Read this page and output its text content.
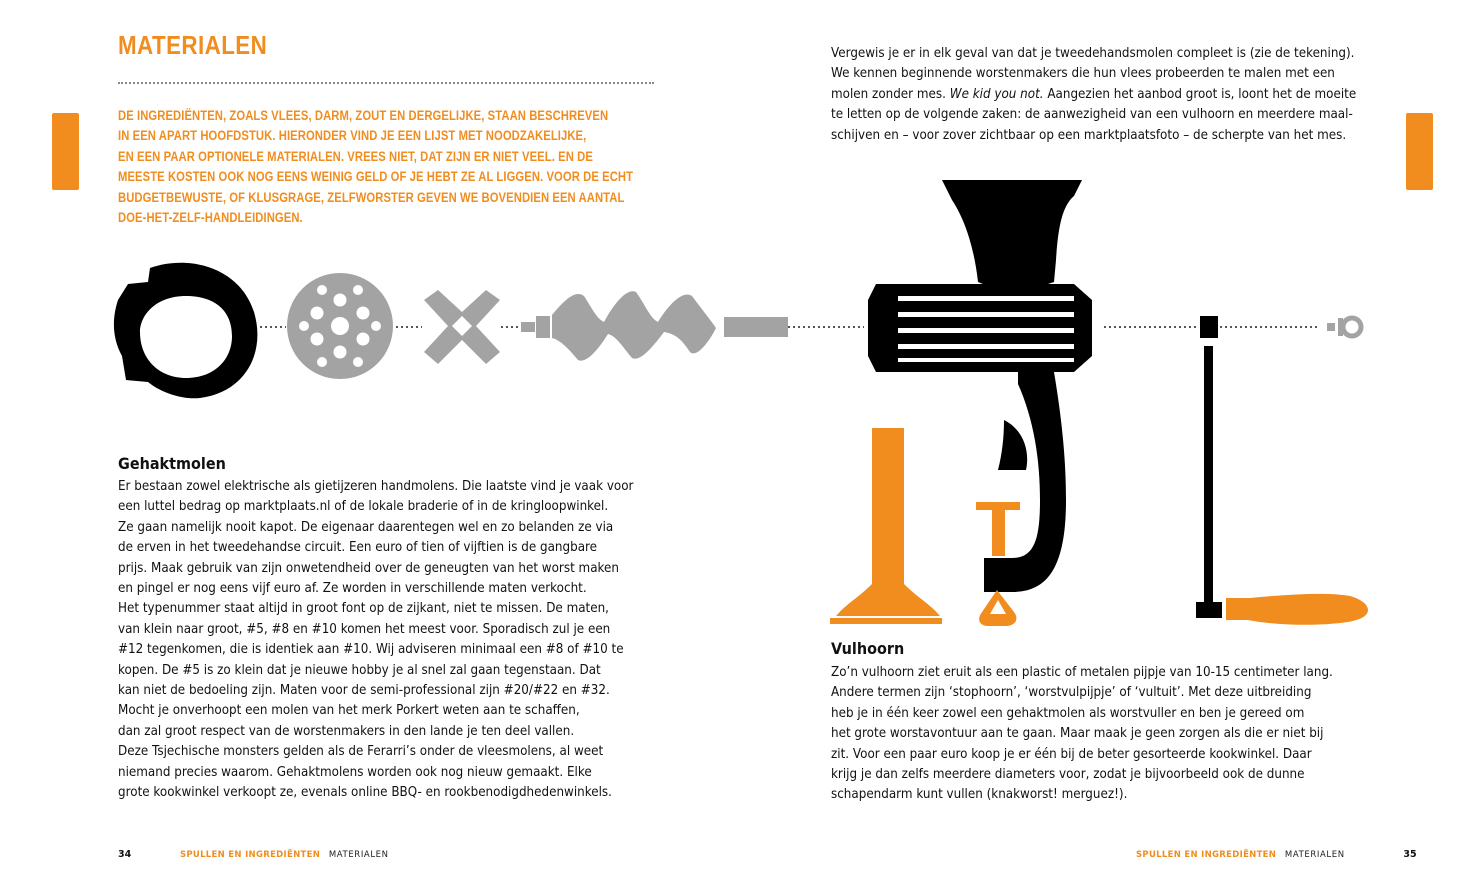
MATERIALEN

DE INGREDIËNTEN, ZOALS VLEES, DARM, ZOUT EN DERGELIJKE, STAAN BESCHREVEN
IN EEN APART HOOFDSTUK. HIERONDER VIND JE EEN LIJST MET NOODZAKELIJKE,
EN EEN PAAR OPTIONELE MATERIALEN. VREES NIET, DAT ZIJN ER NIET VEEL. EN DE
MEESTE KOSTEN OOK NOG EENS WEINIG GELD OF JE HEBT ZE AL LIGGEN. VOOR DE ECHT
BUDGETBEWUSTE, OF KLUSGRAGE, ZELFWORSTER GEVEN WE BOVENDIEN EEN AANTAL
DOE-HET-ZELF-HANDLEIDINGEN.

Gehaktmolen

Er bestaan zowel elektrische als gietijzeren handmolens. Die laatste vind je vaak voor
een luttel bedrag op marktplaats.nl of de lokale braderie of in de kringloopwinkel.
Ze gaan namelijk nooit kapot. De eigenaar daarentegen wel en zo belanden ze via
de erven in het tweedehandse circuit. Een euro of tien of vijftien is de gangbare
prijs. Maak gebruik van zijn onwetendheid over de geneugten van het worst maken
en pingel er nog eens vijf euro af. Ze worden in verschillende maten verkocht.
Het typenummer staat altijd in groot font op de zijkant, niet te missen. De maten,
van klein naar groot, #5, #8 en #10 komen het meest voor. Sporadisch zul je een
#12 tegenkomen, die is identiek aan #10. Wij adviseren minimaal een #8 of #10 te
kopen. De #5 is zo klein dat je nieuwe hobby je al snel zal gaan tegenstaan. Dat
kan niet de bedoeling zijn. Maten voor de semi-professional zijn #20/#22 en #32.
Mocht je onverhoopt een molen van het merk Porkert weten aan te schaffen,
dan zal groot respect van de worstenmakers in den lande je ten deel vallen.
Deze Tsjechische monsters gelden als de Ferarri’s onder de vleesmolens, al weet
niemand precies waarom. Gehaktmolens worden ook nog nieuw gemaakt. Elke
grote kookwinkel verkoopt ze, evenals online BBQ- en rookbenodigdhedenwinkels.

34	SPULLEN EN INGREDIËNTEN MATERIALEN

Vergewis je er in elk geval van dat je tweedehandsmolen compleet is (zie de tekening).
We kennen beginnende worstenmakers die hun vlees probeerden te malen met een
molen zonder mes. We kid you not. Aangezien het aanbod groot is, loont het de moeite
te letten op de volgende zaken: de aanwezigheid van een vulhoorn en meerdere maal-
schijven en – voor zover zichtbaar op een marktplaatsfoto – de scherpte van het mes.

Vulhoorn

Zo’n vulhoorn ziet eruit als een plastic of metalen pijpje van 10-15 centimeter lang.
Andere termen zijn ‘stophoorn’, ‘worstvulpijpje’ of ‘vultuit’. Met deze uitbreiding
heb je in één keer zowel een gehaktmolen als worstvuller en ben je gereed om
het grote worstavontuur aan te gaan. Maar maak je geen zorgen als die er niet bij
zit. Voor een paar euro koop je er één bij de beter gesorteerde kookwinkel. Daar
krijg je dan zelfs meerdere diameters voor, zodat je bijvoorbeeld ook de dunne
schapendarm kunt vullen (knakworst! merguez!).

SPULLEN EN INGREDIËNTEN MATERIALEN	35
